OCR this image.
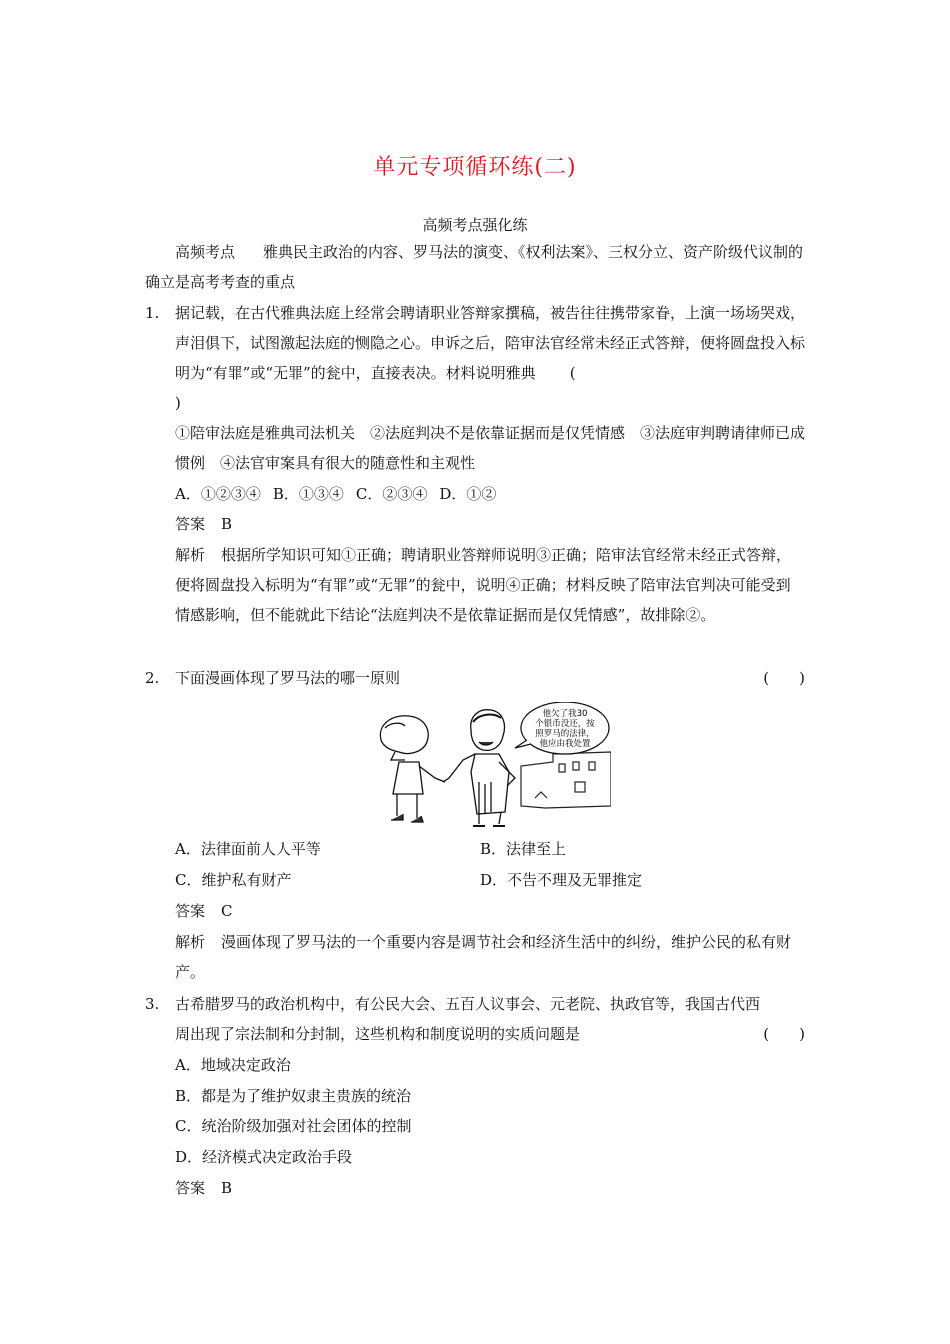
单元专项循环练(二)
高频考点强化练
高频考点	雅典民主政治的内容、罗马法的演变、《权利法案》、三权分立、资产阶级代议制的确立是高考考查的重点
1.	据记载，在古代雅典法庭上经常会聘请职业答辩家撰稿，被告往往携带家眷，上演一场场哭戏，声泪俱下，试图激起法庭的恻隐之心。申诉之后，陪审法官经常未经正式答辩，便将圆盘投入标明为“有罪”或“无罪”的瓮中，直接表决。材料说明雅典 (
)
①陪审法庭是雅典司法机关　②法庭判决不是依靠证据而是仅凭情感　③法庭审判聘请律师已成惯例　④法官审案具有很大的随意性和主观性
A．①②③④ B．①③④ C．②③④ D．①②
答案 B
解析 根据所学知识可知①正确；聘请职业答辩师说明③正确；陪审法官经常未经正式答辩，便将圆盘投入标明为“有罪”或“无罪”的瓮中，说明④正确；材料反映了陪审法官判决可能受到情感影响，但不能就此下结论“法庭判决不是依靠证据而是仅凭情感”，故排除②。
2.	下面漫画体现了罗马法的哪一原则	(　　)
他欠了我30
个银币没还，按
照罗马的法律，
他应由我处置
A．法律面前人人平等	B．法律至上
C．维护私有财产	D．不告不理及无罪推定
答案 C
解析 漫画体现了罗马法的一个重要内容是调节社会和经济生活中的纠纷，维护公民的私有财产。
3.	古希腊罗马的政治机构中，有公民大会、五百人议事会、元老院、执政官等，我国古代西周出现了宗法制和分封制，这些机构和制度说明的实质问题是	(　　)
A．地域决定政治
B．都是为了维护奴隶主贵族的统治
C．统治阶级加强对社会团体的控制
D．经济模式决定政治手段
答案 B
